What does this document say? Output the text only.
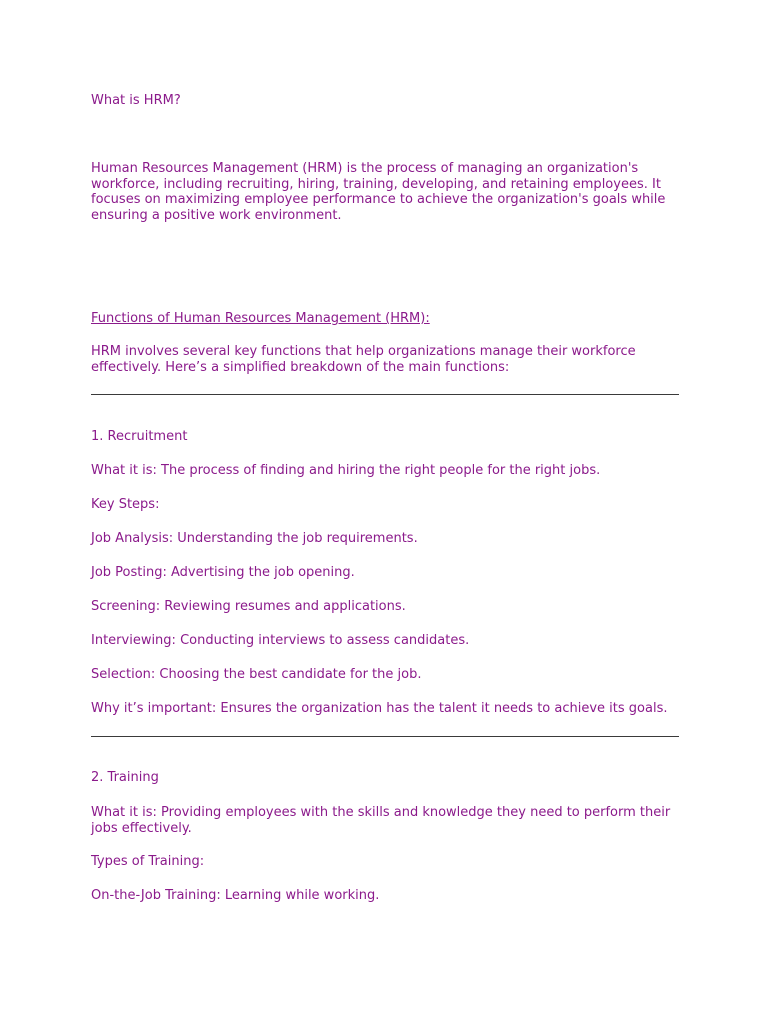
What is HRM?
Human Resources Management (HRM) is the process of managing an organization's workforce, including recruiting, hiring, training, developing, and retaining employees. It focuses on maximizing employee performance to achieve the organization's goals while ensuring a positive work environment.
Functions of Human Resources Management (HRM):
HRM involves several key functions that help organizations manage their workforce effectively. Here’s a simplified breakdown of the main functions:
1. Recruitment
What it is: The process of finding and hiring the right people for the right jobs.
Key Steps:
Job Analysis: Understanding the job requirements.
Job Posting: Advertising the job opening.
Screening: Reviewing resumes and applications.
Interviewing: Conducting interviews to assess candidates.
Selection: Choosing the best candidate for the job.
Why it’s important: Ensures the organization has the talent it needs to achieve its goals.
2. Training
What it is: Providing employees with the skills and knowledge they need to perform their jobs effectively.
Types of Training:
On-the-Job Training: Learning while working.
